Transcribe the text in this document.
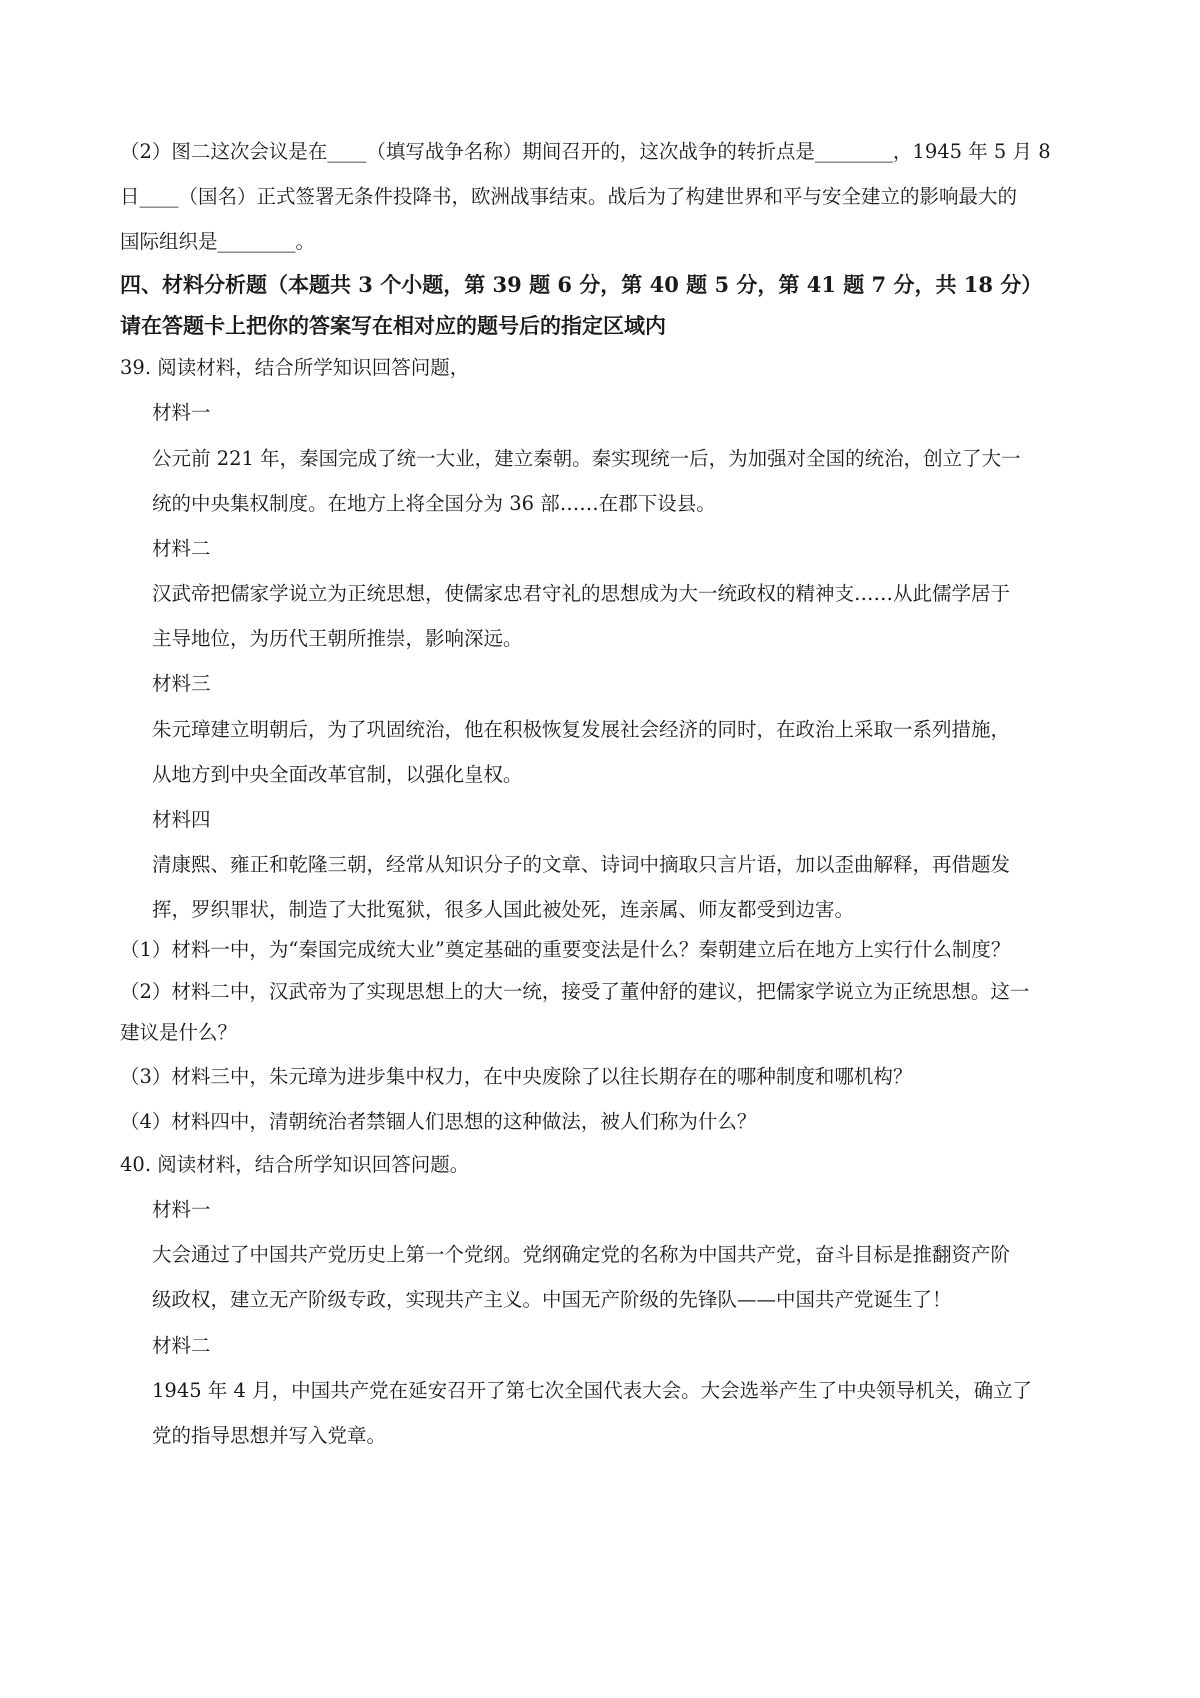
（2）图二这次会议是在____（填写战争名称）期间召开的，这次战争的转折点是________，1945 年 5 月 8
日____（国名）正式签署无条件投降书，欧洲战事结束。战后为了构建世界和平与安全建立的影响最大的
国际组织是________。
四、材料分析题（本题共 3 个小题，第 39 题 6 分，第 40 题 5 分，第 41 题 7 分，共 18 分）
请在答题卡上把你的答案写在相对应的题号后的指定区域内
39. 阅读材料，结合所学知识回答问题，
材料一
公元前 221 年，秦国完成了统一大业，建立秦朝。秦实现统一后，为加强对全国的统治，创立了大一
统的中央集权制度。在地方上将全国分为 36 部……在郡下设县。
材料二
汉武帝把儒家学说立为正统思想，使儒家忠君守礼的思想成为大一统政权的精神支……从此儒学居于
主导地位，为历代王朝所推崇，影响深远。
材料三
朱元璋建立明朝后，为了巩固统治，他在积极恢复发展社会经济的同时，在政治上采取一系列措施，
从地方到中央全面改革官制，以强化皇权。
材料四
清康熙、雍正和乾隆三朝，经常从知识分子的文章、诗词中摘取只言片语，加以歪曲解释，再借题发
挥，罗织罪状，制造了大批冤狱，很多人国此被处死，连亲属、师友都受到边害。
（1）材料一中，为“秦国完成统大业”奠定基础的重要变法是什么？秦朝建立后在地方上实行什么制度？
（2）材料二中，汉武帝为了实现思想上的大一统，接受了董仲舒的建议，把儒家学说立为正统思想。这一
建议是什么？
（3）材料三中，朱元璋为进步集中权力，在中央废除了以往长期存在的哪种制度和哪机构？
（4）材料四中，清朝统治者禁锢人们思想的这种做法，被人们称为什么？
40. 阅读材料，结合所学知识回答问题。
材料一
大会通过了中国共产党历史上第一个党纲。党纲确定党的名称为中国共产党，奋斗目标是推翻资产阶
级政权，建立无产阶级专政，实现共产主义。中国无产阶级的先锋队——中国共产党诞生了！
材料二
1945 年 4 月，中国共产党在延安召开了第七次全国代表大会。大会选举产生了中央领导机关，确立了
党的指导思想并写入党章。
